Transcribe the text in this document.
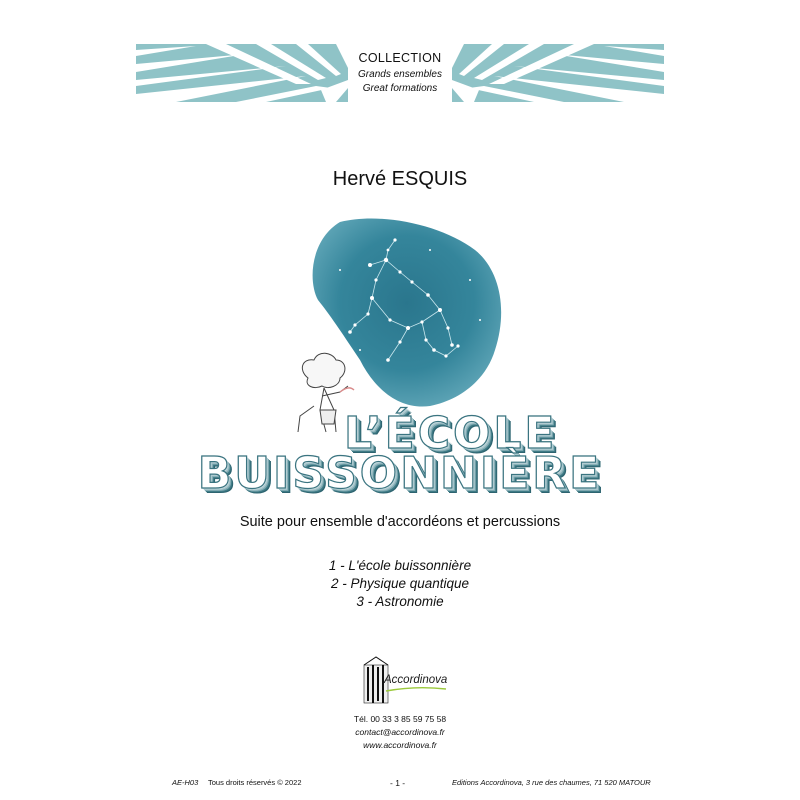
COLLECTION
Grands ensembles
Great formations
Hervé ESQUIS
L’ÉCOLE
BUISSONNIÈRE
Suite pour ensemble d'accordéons et percussions
1 - L'école buissonnière
2 - Physique quantique
3 - Astronomie
Accordinova
Tél. 00 33 3 85 59 75 58
contact@accordinova.fr
www.accordinova.fr
AE-H03 Tous droits réservés © 2022	- 1 -	Editions Accordinova, 3 rue des chaumes, 71 520 MATOUR
